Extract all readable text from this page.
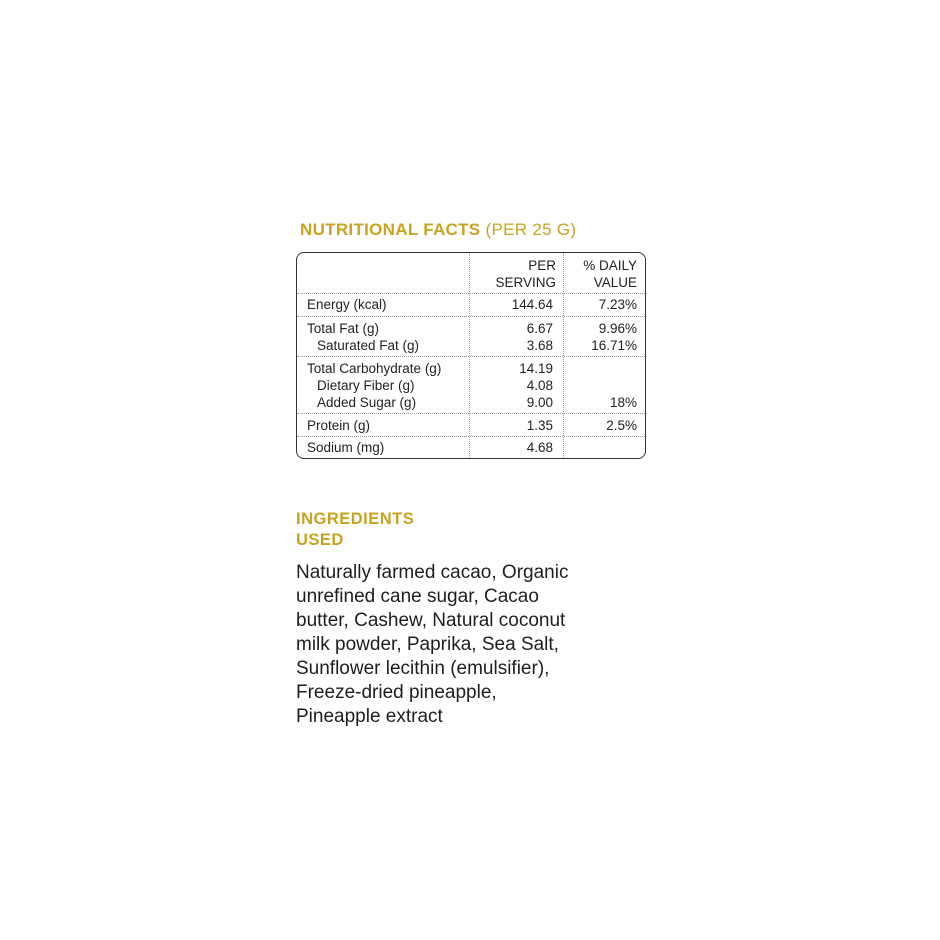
NUTRITIONAL FACTS (PER 25 G)
PER
SERVING
% DAILY
VALUE
Energy (kcal)	144.64	7.23%
Total Fat (g)	6.67	9.96%
Saturated Fat (g)	3.68	16.71%
Total Carbohydrate (g)	14.19
Dietary Fiber (g)	4.08
Added Sugar (g)	9.00	18%
Protein (g)	1.35	2.5%
Sodium (mg)	4.68
INGREDIENTS
USED
Naturally farmed cacao, Organic
unrefined cane sugar, Cacao
butter, Cashew, Natural coconut
milk powder, Paprika, Sea Salt,
Sunflower lecithin (emulsifier),
Freeze-dried pineapple,
Pineapple extract
